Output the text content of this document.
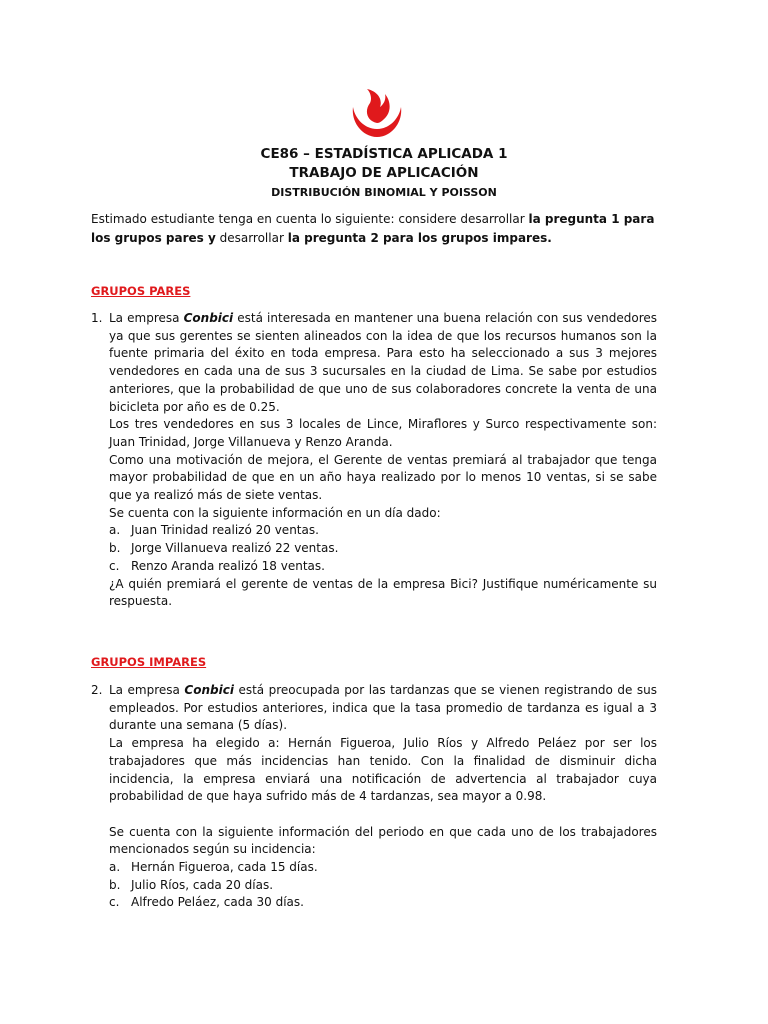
CE86 – ESTADÍSTICA APLICADA 1
TRABAJO DE APLICACIÓN
DISTRIBUCIÓN BINOMIAL Y POISSON
Estimado estudiante tenga en cuenta lo siguiente: considere desarrollar la pregunta 1 para los grupos pares y desarrollar la pregunta 2 para los grupos impares.
GRUPOS PARES
1. La empresa Conbici está interesada en mantener una buena relación con sus vendedores ya que sus gerentes se sienten alineados con la idea de que los recursos humanos son la fuente primaria del éxito en toda empresa. Para esto ha seleccionado a sus 3 mejores vendedores en cada una de sus 3 sucursales en la ciudad de Lima. Se sabe por estudios anteriores, que la probabilidad de que uno de sus colaboradores concrete la venta de una bicicleta por año es de 0.25.

Los tres vendedores en sus 3 locales de Lince, Miraflores y Surco respectivamente son: Juan Trinidad, Jorge Villanueva y Renzo Aranda.

Como una motivación de mejora, el Gerente de ventas premiará al trabajador que tenga mayor probabilidad de que en un año haya realizado por lo menos 10 ventas, si se sabe que ya realizó más de siete ventas.

Se cuenta con la siguiente información en un día dado:

a. Juan Trinidad realizó 20 ventas.
b. Jorge Villanueva realizó 22 ventas.
c. Renzo Aranda realizó 18 ventas.

¿A quién premiará el gerente de ventas de la empresa Bici? Justifique numéricamente su respuesta.

GRUPOS IMPARES
2. La empresa Conbici está preocupada por las tardanzas que se vienen registrando de sus empleados. Por estudios anteriores, indica que la tasa promedio de tardanza es igual a 3 durante una semana (5 días).

La empresa ha elegido a: Hernán Figueroa, Julio Ríos y Alfredo Peláez por ser los trabajadores que más incidencias han tenido. Con la finalidad de disminuir dicha incidencia, la empresa enviará una notificación de advertencia al trabajador cuya probabilidad de que haya sufrido más de 4 tardanzas, sea mayor a 0.98.

Se cuenta con la siguiente información del periodo en que cada uno de los trabajadores mencionados según su incidencia:

a. Hernán Figueroa, cada 15 días.
b. Julio Ríos, cada 20 días.
c. Alfredo Peláez, cada 30 días.
